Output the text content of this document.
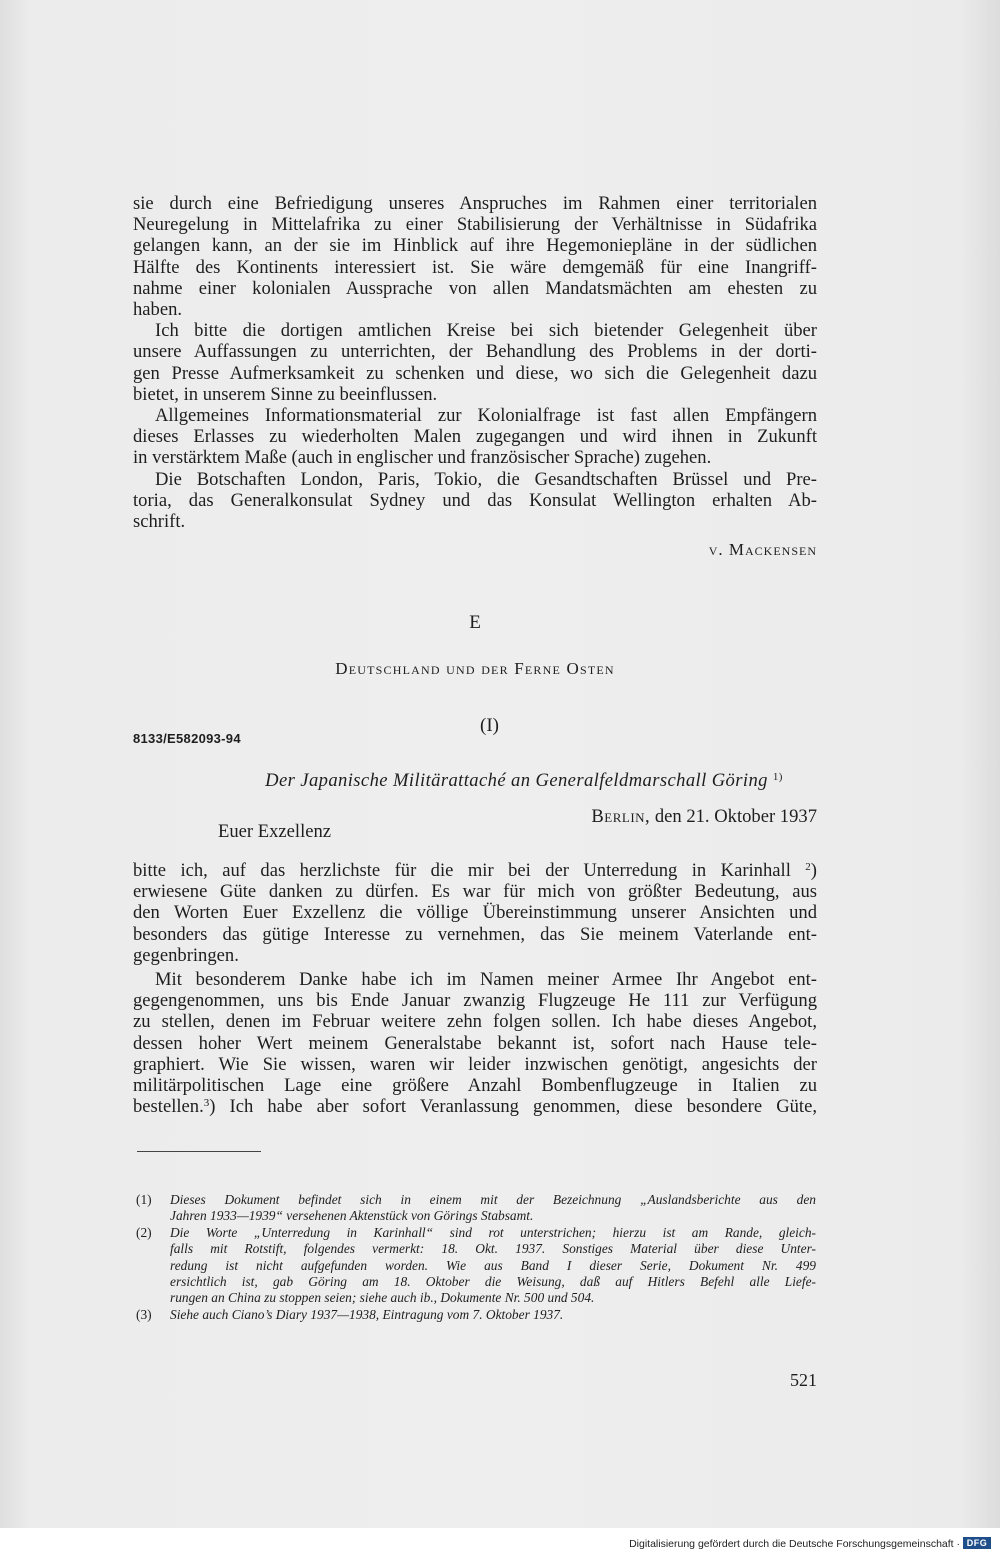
sie durch eine Befriedigung unseres Anspruches im Rahmen einer territorialen
Neuregelung in Mittelafrika zu einer Stabilisierung der Verhältnisse in Südafrika
gelangen kann, an der sie im Hinblick auf ihre Hegemoniepläne in der südlichen
Hälfte des Kontinents interessiert ist. Sie wäre demgemäß für eine Inangriff-
nahme einer kolonialen Aussprache von allen Mandatsmächten am ehesten zu
haben.

Ich bitte die dortigen amtlichen Kreise bei sich bietender Gelegenheit über
unsere Auffassungen zu unterrichten, der Behandlung des Problems in der dorti-
gen Presse Aufmerksamkeit zu schenken und diese, wo sich die Gelegenheit dazu
bietet, in unserem Sinne zu beeinflussen.

Allgemeines Informationsmaterial zur Kolonialfrage ist fast allen Empfängern
dieses Erlasses zu wiederholten Malen zugegangen und wird ihnen in Zukunft
in verstärktem Maße (auch in englischer und französischer Sprache) zugehen.

Die Botschaften London, Paris, Tokio, die Gesandtschaften Brüssel und Pre-
toria, das Generalkonsulat Sydney und das Konsulat Wellington erhalten Ab-
schrift.

v. Mackensen
E
Deutschland und der Ferne Osten
(I)
8133/E582093-94
Der Japanische Militärattaché an Generalfeldmarschall Göring $^{1)}$
Berlin, den 21. Oktober 1937
Euer Exzellenz

bitte ich, auf das herzlichste für die mir bei der Unterredung in Karinhall $^2$)
erwiesene Güte danken zu dürfen. Es war für mich von größter Bedeutung, aus
den Worten Euer Exzellenz die völlige Übereinstimmung unserer Ansichten und
besonders das gütige Interesse zu vernehmen, das Sie meinem Vaterlande ent-
gegenbringen.

Mit besonderem Danke habe ich im Namen meiner Armee Ihr Angebot ent-
gegengenommen, uns bis Ende Januar zwanzig Flugzeuge He 111 zur Verfügung
zu stellen, denen im Februar weitere zehn folgen sollen. Ich habe dieses Angebot,
dessen hoher Wert meinem Generalstabe bekannt ist, sofort nach Hause tele-
graphiert. Wie Sie wissen, waren wir leider inzwischen genötigt, angesichts der
militärpolitischen Lage eine größere Anzahl Bombenflugzeuge in Italien zu
bestellen.$^3$) Ich habe aber sofort Veranlassung genommen, diese besondere Güte,

(1) Dieses Dokument befindet sich in einem mit der Bezeichnung „Auslandsberichte aus den
Jahren 1933—1939“ versehenen Aktenstück von Görings Stabsamt.
(2) Die Worte „Unterredung in Karinhall“ sind rot unterstrichen; hierzu ist am Rande, gleich-
falls mit Rotstift, folgendes vermerkt: 18. Okt. 1937. Sonstiges Material über diese Unter-
redung ist nicht aufgefunden worden. Wie aus Band I dieser Serie, Dokument Nr. 499
ersichtlich ist, gab Göring am 18. Oktober die Weisung, daß auf Hitlers Befehl alle Liefe-
rungen an China zu stoppen seien; siehe auch ib., Dokumente Nr. 500 und 504.
(3) Siehe auch Ciano’s Diary 1937—1938, Eintragung vom 7. Oktober 1937.
521
Digitalisierung gefördert durch die Deutsche Forschungsgemeinschaft · DFG
